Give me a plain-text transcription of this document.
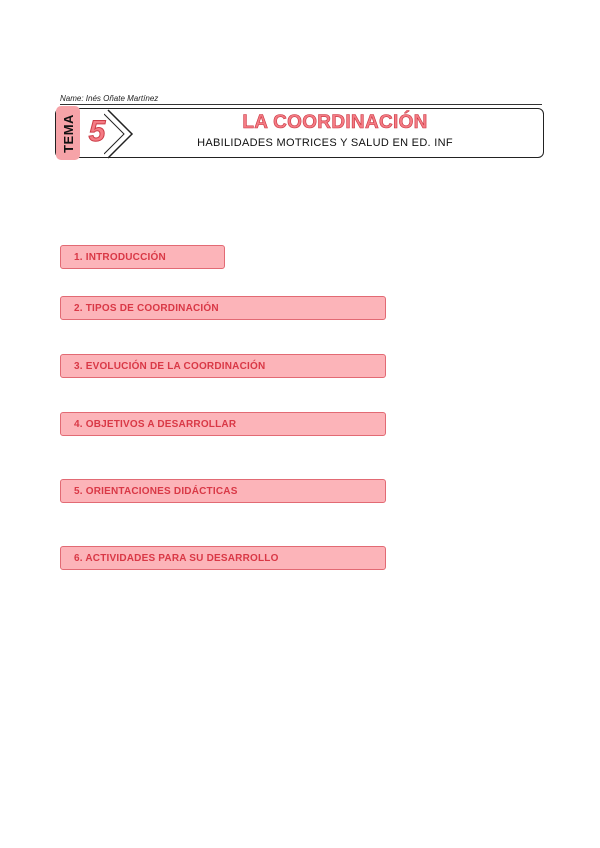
Name: Inés Oñate Martínez
TEMA 5	LA COORDINACIÓN
HABILIDADES MOTRICES Y SALUD EN ED. INF
1. INTRODUCCIÓN
2. TIPOS DE COORDINACIÓN
3. EVOLUCIÓN DE LA COORDINACIÓN
4. OBJETIVOS A DESARROLLAR
5. ORIENTACIONES DIDÁCTICAS
6. ACTIVIDADES PARA SU DESARROLLO
